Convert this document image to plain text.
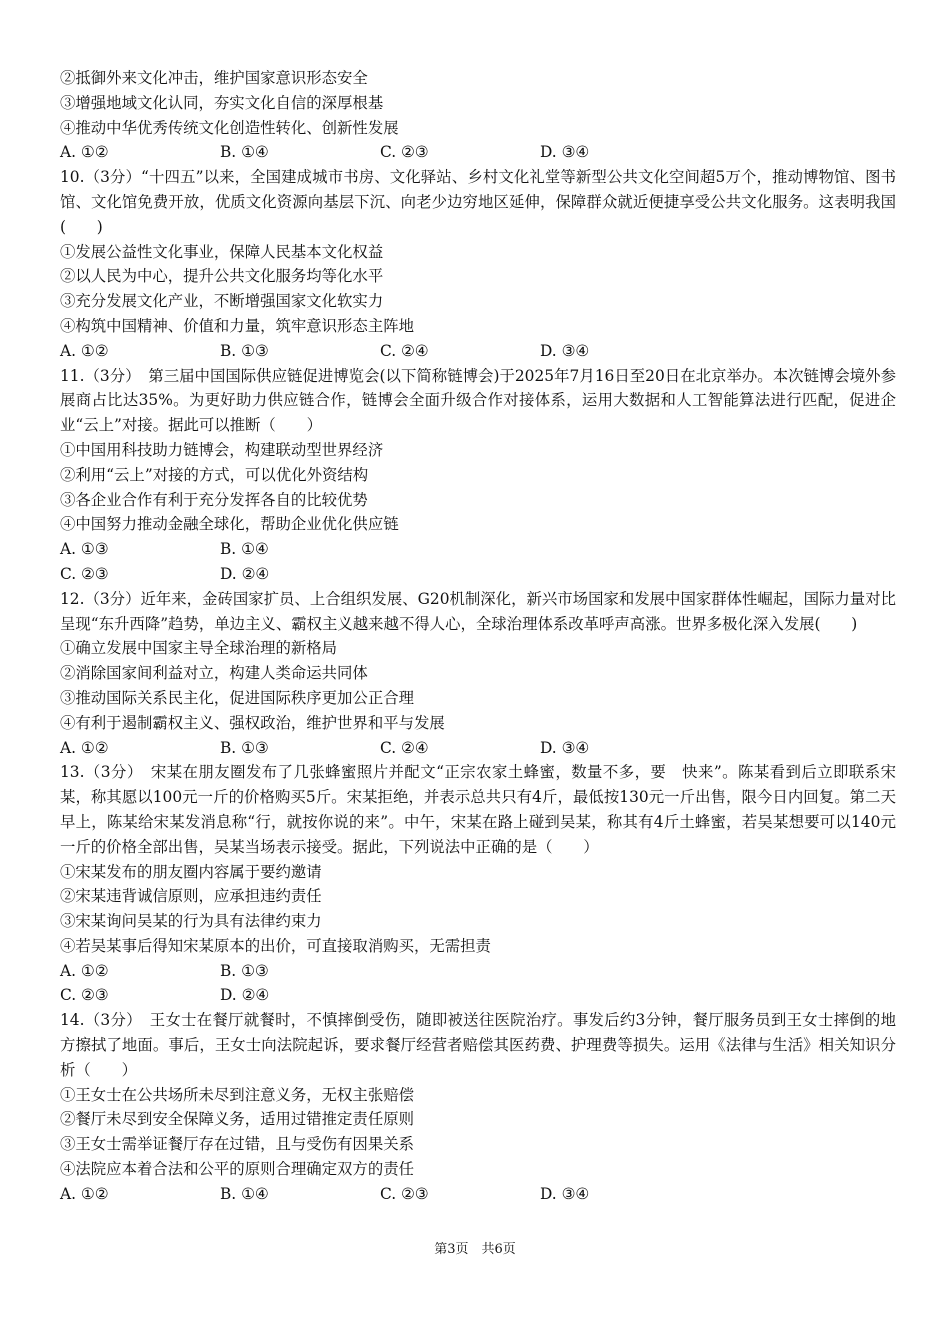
②抵御外来文化冲击，维护国家意识形态安全
③增强地域文化认同，夯实文化自信的深厚根基
④推动中华优秀传统文化创造性转化、创新性发展
A. ①②	B. ①④	C. ②③	D. ③④
10.（3分）“十四五”以来，全国建成城市书房、文化驿站、乡村文化礼堂等新型公共文化空间超5万个，推动博物馆、图书馆、文化馆免费开放，优质文化资源向基层下沉、向老少边穷地区延伸，保障群众就近便捷享受公共文化服务。这表明我国(　　)
①发展公益性文化事业，保障人民基本文化权益
②以人民为中心，提升公共文化服务均等化水平
③充分发展文化产业，不断增强国家文化软实力
④构筑中国精神、价值和力量，筑牢意识形态主阵地
A. ①②	B. ①③	C. ②④	D. ③④
11.（3分）　第三届中国国际供应链促进博览会(以下简称链博会)于2025年7月16日至20日在北京举办。本次链博会境外参展商占比达35%。为更好助力供应链合作，链博会全面升级合作对接体系，运用大数据和人工智能算法进行匹配，促进企业“云上”对接。据此可以推断（　　）
①中国用科技助力链博会，构建联动型世界经济
②利用“云上”对接的方式，可以优化外资结构
③各企业合作有利于充分发挥各自的比较优势
④中国努力推动金融全球化，帮助企业优化供应链
A. ①③	B. ①④
C. ②③	D. ②④
12.（3分）近年来，金砖国家扩员、上合组织发展、G20机制深化，新兴市场国家和发展中国家群体性崛起，国际力量对比呈现“东升西降”趋势，单边主义、霸权主义越来越不得人心，全球治理体系改革呼声高涨。世界多极化深入发展(　　)
①确立发展中国家主导全球治理的新格局
②消除国家间利益对立，构建人类命运共同体
③推动国际关系民主化，促进国际秩序更加公正合理
④有利于遏制霸权主义、强权政治，维护世界和平与发展
A. ①②	B. ①③	C. ②④	D. ③④
13.（3分）　宋某在朋友圈发布了几张蜂蜜照片并配文“正宗农家土蜂蜜，数量不多，要　快来”。陈某看到后立即联系宋某，称其愿以100元一斤的价格购买5斤。宋某拒绝，并表示总共只有4斤，最低按130元一斤出售，限今日内回复。第二天早上，陈某给宋某发消息称“行，就按你说的来”。中午，宋某在路上碰到吴某，称其有4斤土蜂蜜，若吴某想要可以140元一斤的价格全部出售，吴某当场表示接受。据此，下列说法中正确的是（　　）
①宋某发布的朋友圈内容属于要约邀请
②宋某违背诚信原则，应承担违约责任
③宋某询问吴某的行为具有法律约束力
④若吴某事后得知宋某原本的出价，可直接取消购买，无需担责
A. ①②	B. ①③
C. ②③	D. ②④
14.（3分）　王女士在餐厅就餐时，不慎摔倒受伤，随即被送往医院治疗。事发后约3分钟，餐厅服务员到王女士摔倒的地方擦拭了地面。事后，王女士向法院起诉，要求餐厅经营者赔偿其医药费、护理费等损失。运用《法律与生活》相关知识分析（　　）
①王女士在公共场所未尽到注意义务，无权主张赔偿
②餐厅未尽到安全保障义务，适用过错推定责任原则
③王女士需举证餐厅存在过错，且与受伤有因果关系
④法院应本着合法和公平的原则合理确定双方的责任
A. ①②	B. ①④	C. ②③	D. ③④
第3页　共6页
